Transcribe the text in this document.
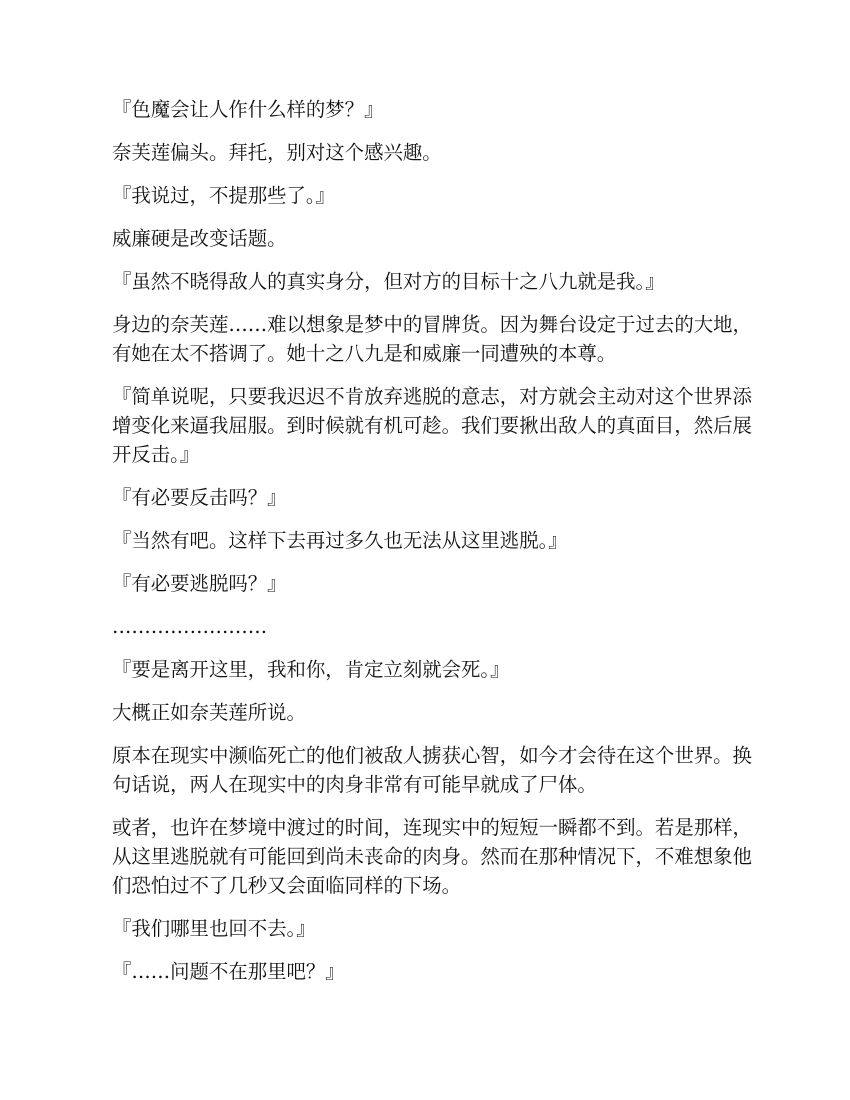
『色魔会让人作什么样的梦？』

奈芙莲偏头。拜托，别对这个感兴趣。

『我说过，不提那些了。』

威廉硬是改变话题。

『虽然不晓得敌人的真实身分，但对方的目标十之八九就是我。』

身边的奈芙莲……难以想象是梦中的冒牌货。因为舞台设定于过去的大地，有她在太不搭调了。她十之八九是和威廉一同遭殃的本尊。

『简单说呢，只要我迟迟不肯放弃逃脱的意志，对方就会主动对这个世界添增变化来逼我屈服。到时候就有机可趁。我们要揪出敌人的真面目，然后展开反击。』

『有必要反击吗？』

『当然有吧。这样下去再过多久也无法从这里逃脱。』

『有必要逃脱吗？』

……………………

『要是离开这里，我和你，肯定立刻就会死。』

大概正如奈芙莲所说。

原本在现实中濒临死亡的他们被敌人掳获心智，如今才会待在这个世界。换句话说，两人在现实中的肉身非常有可能早就成了尸体。

或者，也许在梦境中渡过的时间，连现实中的短短一瞬都不到。若是那样，从这里逃脱就有可能回到尚未丧命的肉身。然而在那种情况下，不难想象他们恐怕过不了几秒又会面临同样的下场。

『我们哪里也回不去。』

『……问题不在那里吧？』
